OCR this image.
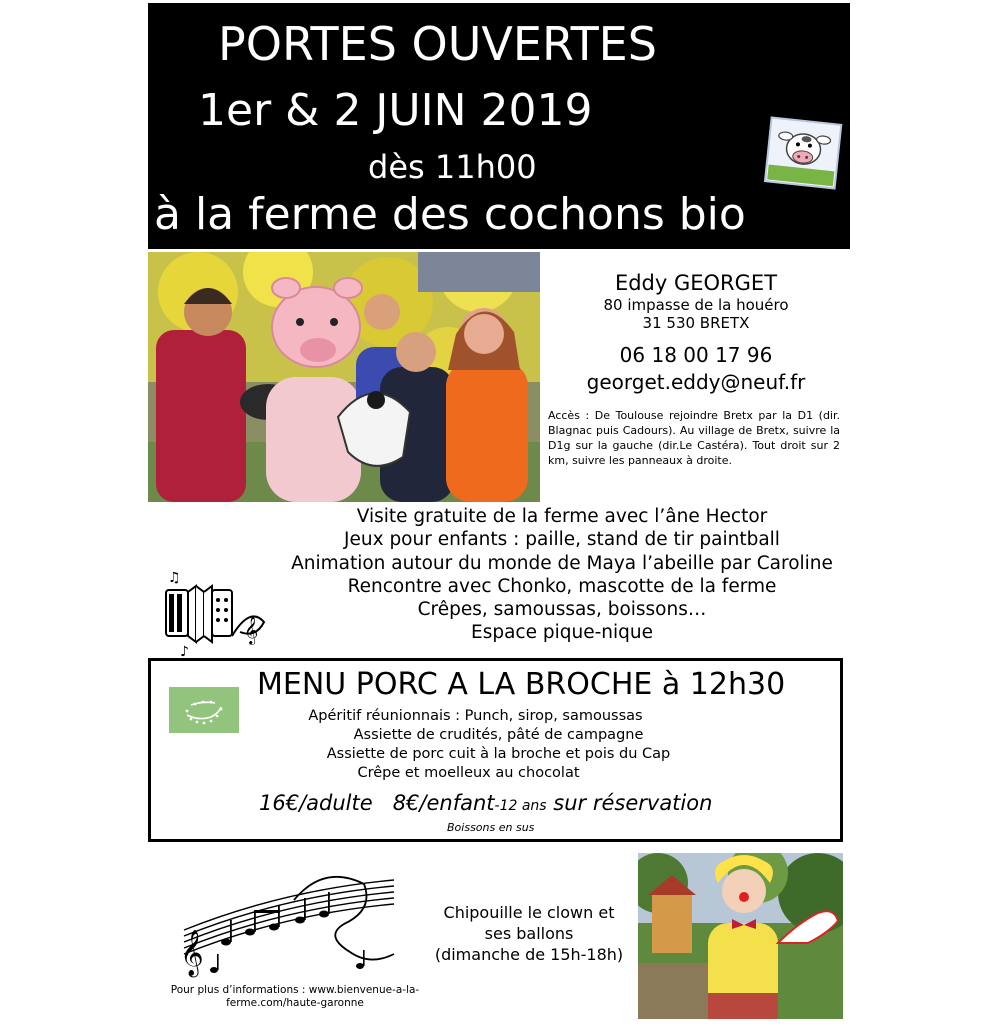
PORTES OUVERTES
1er & 2 JUIN 2019
dès 11h00
à la ferme des cochons bio
Eddy GEORGET
80 impasse de la houéro
31 530 BRETX
06 18 00 17 96
georget.eddy@neuf.fr
Accès : De Toulouse rejoindre Bretx par la D1 (dir. Blagnac puis Cadours). Au village de Bretx, suivre la D1g sur la gauche (dir.Le Castéra). Tout droit sur 2 km, suivre les panneaux à droite.
Visite gratuite de la ferme avec l’âne Hector
Jeux pour enfants : paille, stand de tir paintball
Animation autour du monde de Maya l’abeille par Caroline
Rencontre avec Chonko, mascotte de la ferme
Crêpes, samoussas, boissons…
Espace pique-nique
♫
♪
𝄞
MENU PORC A LA BROCHE à 12h30
Apéritif réunionnais : Punch, sirop, samoussas
Assiette de crudités, pâté de campagne
Assiette de porc cuit à la broche et pois du Cap
Crêpe et moelleux au chocolat
16€/adulte 8€/enfant-12 ans sur réservation
Boissons en sus
𝄞
Pour plus d’informations : www.bienvenue-a-la-
ferme.com/haute-garonne
Chipouille le clown et
ses ballons
(dimanche de 15h-18h)
